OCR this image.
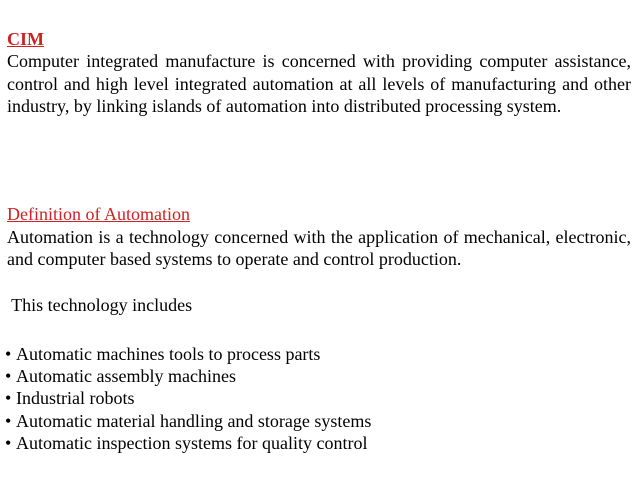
CIM
Computer integrated manufacture is concerned with providing computer assistance, control and high level integrated automation at all levels of manufacturing and other industry, by linking islands of automation into distributed processing system.
Definition of Automation
Automation is a technology concerned with the application of mechanical, electronic, and computer based systems to operate and control production.
This technology includes
• Automatic machines tools to process parts
• Automatic assembly machines
• Industrial robots
• Automatic material handling and storage systems
• Automatic inspection systems for quality control
